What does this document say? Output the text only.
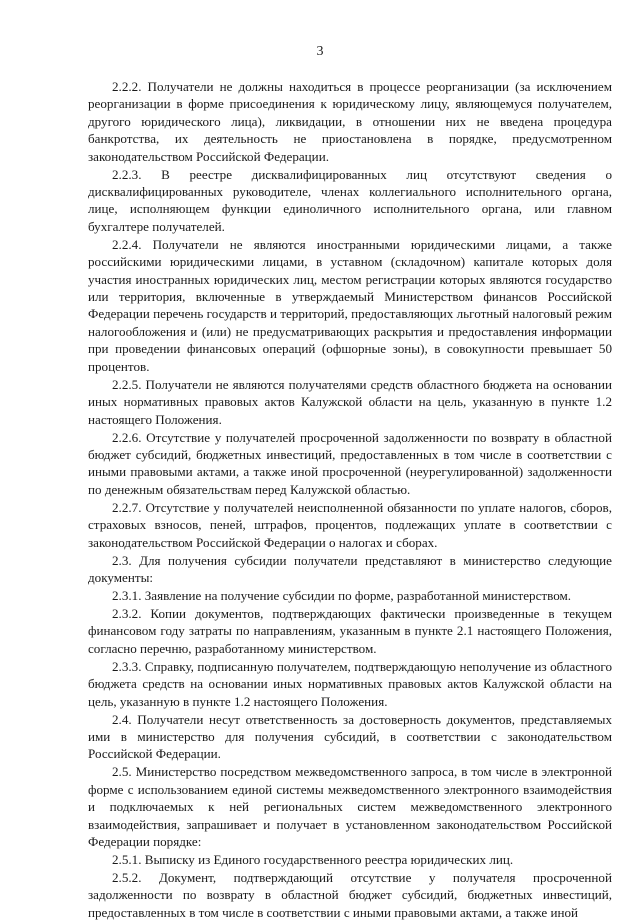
3

2.2.2. Получатели не должны находиться в процессе реорганизации (за исключением реорганизации в форме присоединения к юридическому лицу, являющемуся получателем, другого юридического лица), ликвидации, в отношении них не введена процедура банкротства, их деятельность не приостановлена в порядке, предусмотренном законодательством Российской Федерации.

2.2.3. В реестре дисквалифицированных лиц отсутствуют сведения о дисквалифицированных руководителе, членах коллегиального исполнительного органа, лице, исполняющем функции единоличного исполнительного органа, или главном бухгалтере получателей.

2.2.4. Получатели не являются иностранными юридическими лицами, а также российскими юридическими лицами, в уставном (складочном) капитале которых доля участия иностранных юридических лиц, местом регистрации которых являются государство или территория, включенные в утверждаемый Министерством финансов Российской Федерации перечень государств и территорий, предоставляющих льготный налоговый режим налогообложения и (или) не предусматривающих раскрытия и предоставления информации при проведении финансовых операций (офшорные зоны), в совокупности превышает 50 процентов.

2.2.5. Получатели не являются получателями средств областного бюджета на основании иных нормативных правовых актов Калужской области на цель, указанную в пункте 1.2 настоящего Положения.

2.2.6. Отсутствие у получателей просроченной задолженности по возврату в областной бюджет субсидий, бюджетных инвестиций, предоставленных в том числе в соответствии с иными правовыми актами, а также иной просроченной (неурегулированной) задолженности по денежным обязательствам перед Калужской областью.

2.2.7. Отсутствие у получателей неисполненной обязанности по уплате налогов, сборов, страховых взносов, пеней, штрафов, процентов, подлежащих уплате в соответствии с законодательством Российской Федерации о налогах и сборах.

2.3. Для получения субсидии получатели представляют в министерство следующие документы:

2.3.1. Заявление на получение субсидии по форме, разработанной министерством.

2.3.2. Копии документов, подтверждающих фактически произведенные в текущем финансовом году затраты по направлениям, указанным в пункте 2.1 настоящего Положения, согласно перечню, разработанному министерством.

2.3.3. Справку, подписанную получателем, подтверждающую неполучение из областного бюджета средств на основании иных нормативных правовых актов Калужской области на цель, указанную в пункте 1.2 настоящего Положения.

2.4. Получатели несут ответственность за достоверность документов, представляемых ими в министерство для получения субсидий, в соответствии с законодательством Российской Федерации.

2.5. Министерство посредством межведомственного запроса, в том числе в электронной форме с использованием единой системы межведомственного электронного взаимодействия и подключаемых к ней региональных систем межведомственного электронного взаимодействия, запрашивает и получает в установленном законодательством Российской Федерации порядке:

2.5.1. Выписку из Единого государственного реестра юридических лиц.

2.5.2. Документ, подтверждающий отсутствие у получателя просроченной задолженности по возврату в областной бюджет субсидий, бюджетных инвестиций, предоставленных в том числе в соответствии с иными правовыми актами, а также иной
